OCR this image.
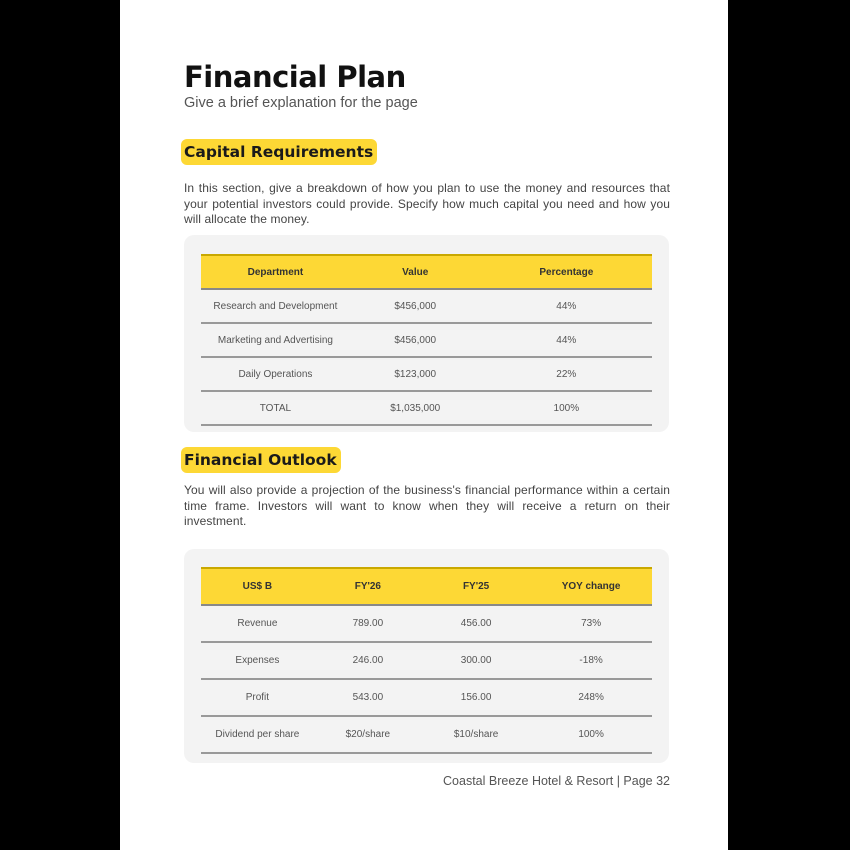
Financial Plan

Give a brief explanation for the page

Capital Requirements

In this section, give a breakdown of how you plan to use the money and resources that your potential investors could provide. Specify how much capital you need and how you will allocate the money.

Department	Value	Percentage
Research and Development	$456,000	44%
Marketing and Advertising	$456,000	44%
Daily Operations	$123,000	22%
TOTAL	$1,035,000	100%
Financial Outlook

You will also provide a projection of the business's financial performance within a certain time frame. Investors will want to know when they will receive a return on their investment.

US$ B	FY'26	FY'25	YOY change
Revenue	789.00	456.00	73%
Expenses	246.00	300.00	-18%
Profit	543.00	156.00	248%
Dividend per share	$20/share	$10/share	100%

Coastal Breeze Hotel & Resort | Page 32
